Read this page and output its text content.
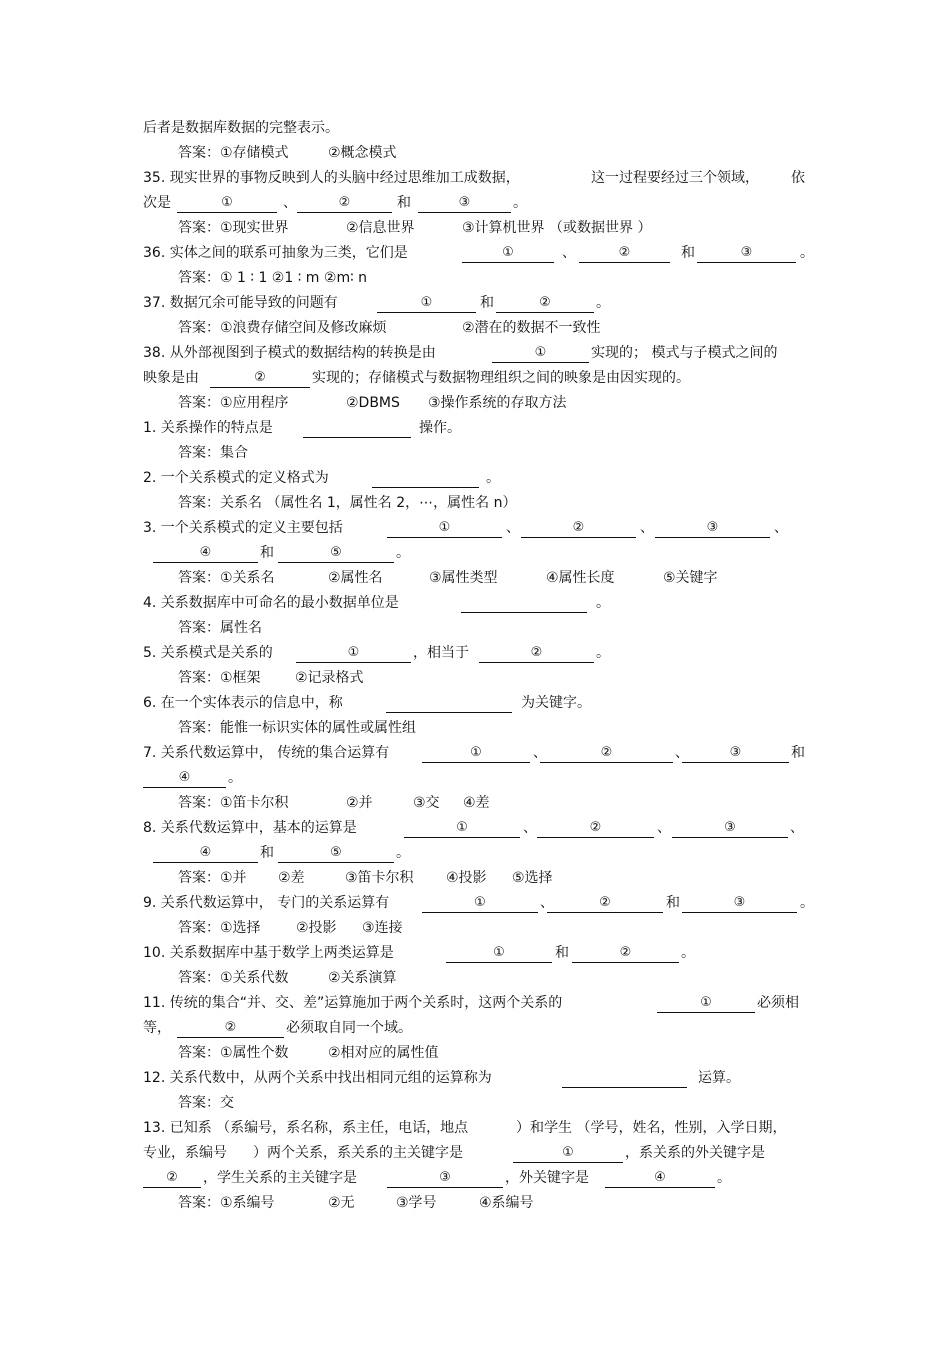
后者是数据库数据的完整表示。
答案：①存储模式	②概念模式
35. 现实世界的事物反映到人的头脑中经过思维加工成数据，	这一过程要经过三个领域， 依
次是	、	和	。
①	②	③
答案：①现实世界	②信息世界	③计算机世界 （或数据世界 ）
36. 实体之间的联系可抽象为三类，它们是	、	和	。
①	②	③
答案：① 1 ∶ 1 ②1 ∶ m ②m∶ n
37. 数据冗余可能导致的问题有	和	。
①	②
答案：①浪费存储空间及修改麻烦	②潜在的数据不一致性
38. 从外部视图到子模式的数据结构的转换是由	实现的； 模式与子模式之间的
①
映象是由	实现的；存储模式与数据物理组织之间的映象是由因实现的。
②
答案：①应用程序	②DBMS ③操作系统的存取方法
1. 关系操作的特点是	操作。
答案：集合
2. 一个关系模式的定义格式为	。
答案：关系名 （属性名 1，属性名 2，⋯，属性名 n）
3. 一个关系模式的定义主要包括	、	、	、
①	②	③
和	。
④	⑤
答案：①关系名	②属性名	③属性类型	④属性长度	⑤关键字
4. 关系数据库中可命名的最小数据单位是	。
答案：属性名
5. 关系模式是关系的	，相当于	。
①	②
答案：①框架 ②记录格式
6. 在一个实体表示的信息中，称	为关键字。
答案：能惟一标识实体的属性或属性组
7. 关系代数运算中， 传统的集合运算有	、	、	和
①	②	③
。
④
答案：①笛卡尔积	②并	③交 ④差
8. 关系代数运算中，基本的运算是	、	、	、
①	②	③
和	。
④	⑤
答案：①并 ②差	③笛卡尔积 ④投影 ⑤选择
9. 关系代数运算中， 专门的关系运算有	、	和	。
①	②	③
答案：①选择	②投影 ③连接
10. 关系数据库中基于数学上两类运算是	和	。
①	②
答案：①关系代数	②关系演算
11. 传统的集合“并、交、差”运算施加于两个关系时，这两个关系的	必须相
①
等，	必须取自同一个域。
②
答案：①属性个数	②相对应的属性值
12. 关系代数中，从两个关系中找出相同元组的运算称为	运算。
答案：交
13. 已知系 （系编号，系名称，系主任，电话，地点	）和学生 （学号，姓名，性别，入学日期，
专业，系编号 ）两个关系，系关系的主关键字是	，系关系的外关键字是
①
，学生关系的主关键字是	，外关键字是	。
②	③	④
答案：①系编号	②无	③学号	④系编号
